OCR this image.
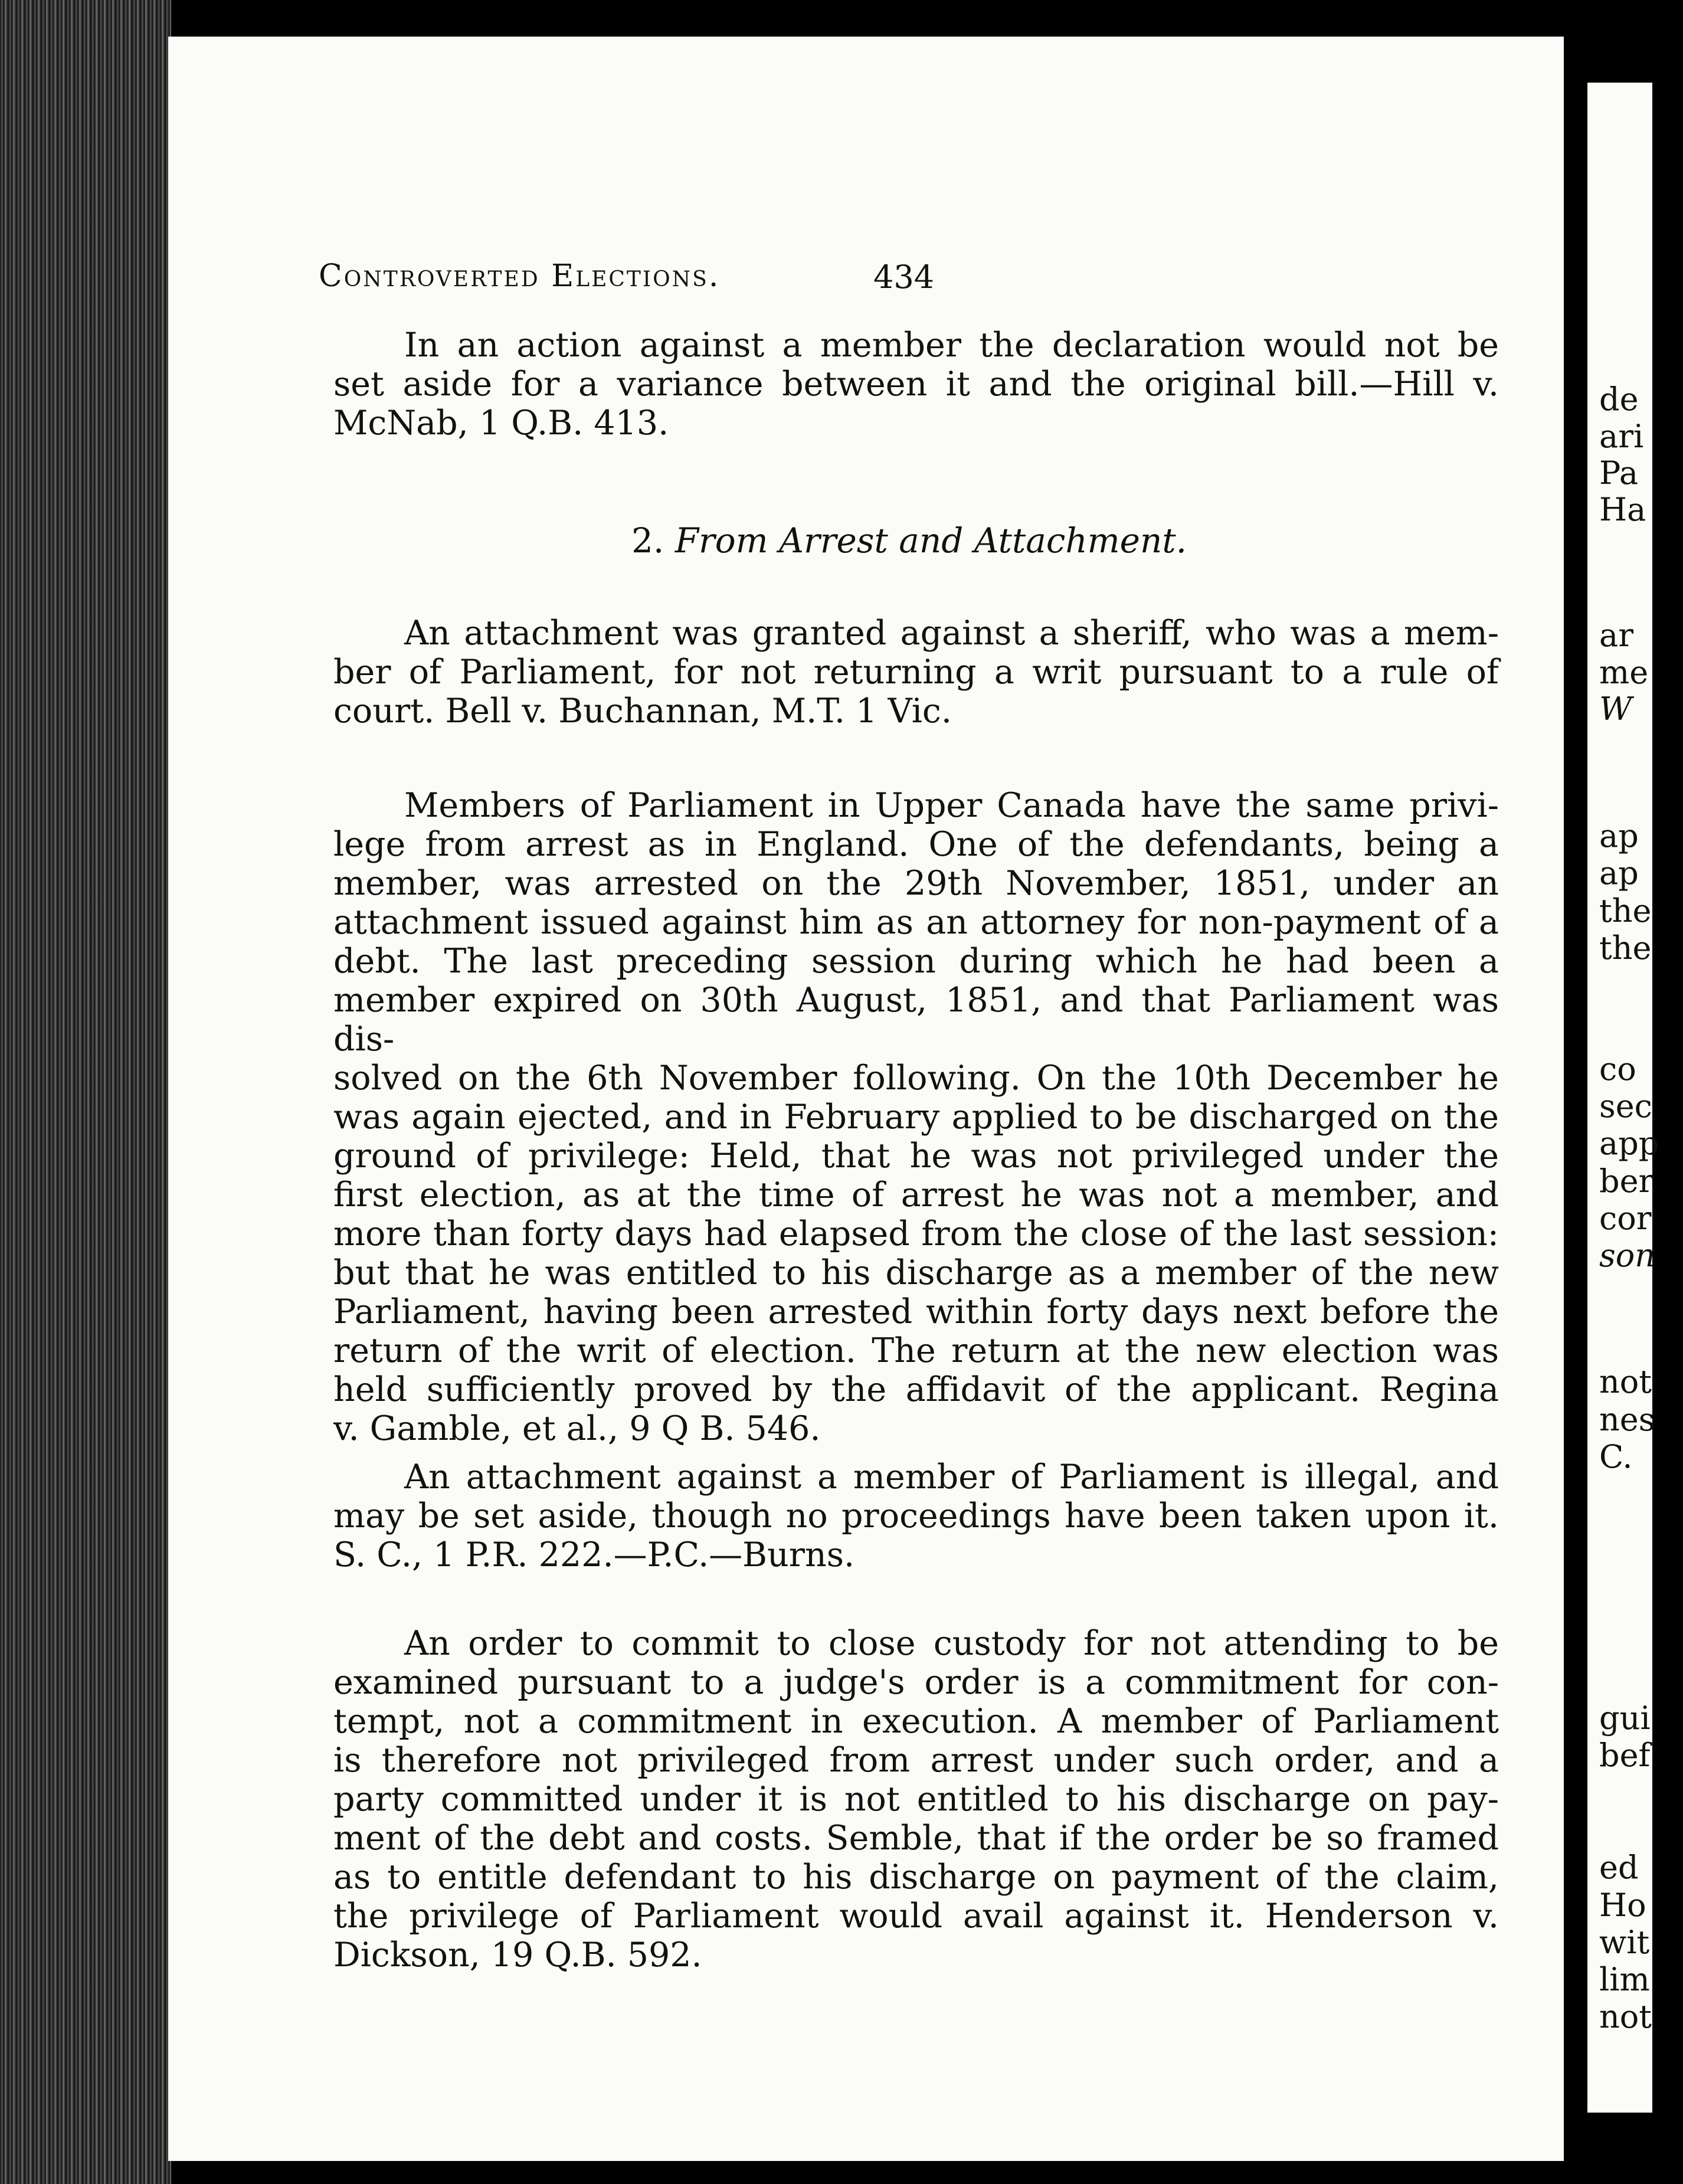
Controverted Elections.	434
In an action against a member the declaration would not be
set aside for a variance between it and the original bill.—Hill v.
McNab, 1 Q.B. 413.
2. From Arrest and Attachment.
An attachment was granted against a sheriff, who was a mem-
ber of Parliament, for not returning a writ pursuant to a rule of
court. Bell v. Buchannan, M.T. 1 Vic.
Members of Parliament in Upper Canada have the same privi-
lege from arrest as in England. One of the defendants, being a
member, was arrested on the 29th November, 1851, under an
attachment issued against him as an attorney for non-payment of a
debt. The last preceding session during which he had been a
member expired on 30th August, 1851, and that Parliament was dis-
solved on the 6th November following. On the 10th December he
was again ejected, and in February applied to be discharged on the
ground of privilege: Held, that he was not privileged under the
first election, as at the time of arrest he was not a member, and
more than forty days had elapsed from the close of the last session:
but that he was entitled to his discharge as a member of the new
Parliament, having been arrested within forty days next before the
return of the writ of election. The return at the new election was
held sufficiently proved by the affidavit of the applicant. Regina
v. Gamble, et al., 9 Q B. 546.
An attachment against a member of Parliament is illegal, and
may be set aside, though no proceedings have been taken upon it.
S. C., 1 P.R. 222.—P.C.—Burns.
An order to commit to close custody for not attending to be
examined pursuant to a judge's order is a commitment for con-
tempt, not a commitment in execution. A member of Parliament
is therefore not privileged from arrest under such order, and a
party committed under it is not entitled to his discharge on pay-
ment of the debt and costs. Semble, that if the order be so framed
as to entitle defendant to his discharge on payment of the claim,
the privilege of Parliament would avail against it. Henderson v.
Dickson, 19 Q.B. 592.
de
ari
Pa
Ha
ar
me
W
ap
ap
the
the
co
sec
app
ber
cor
son
not
nes
C.
gui
bef
ed
Ho
wit
lim
not
